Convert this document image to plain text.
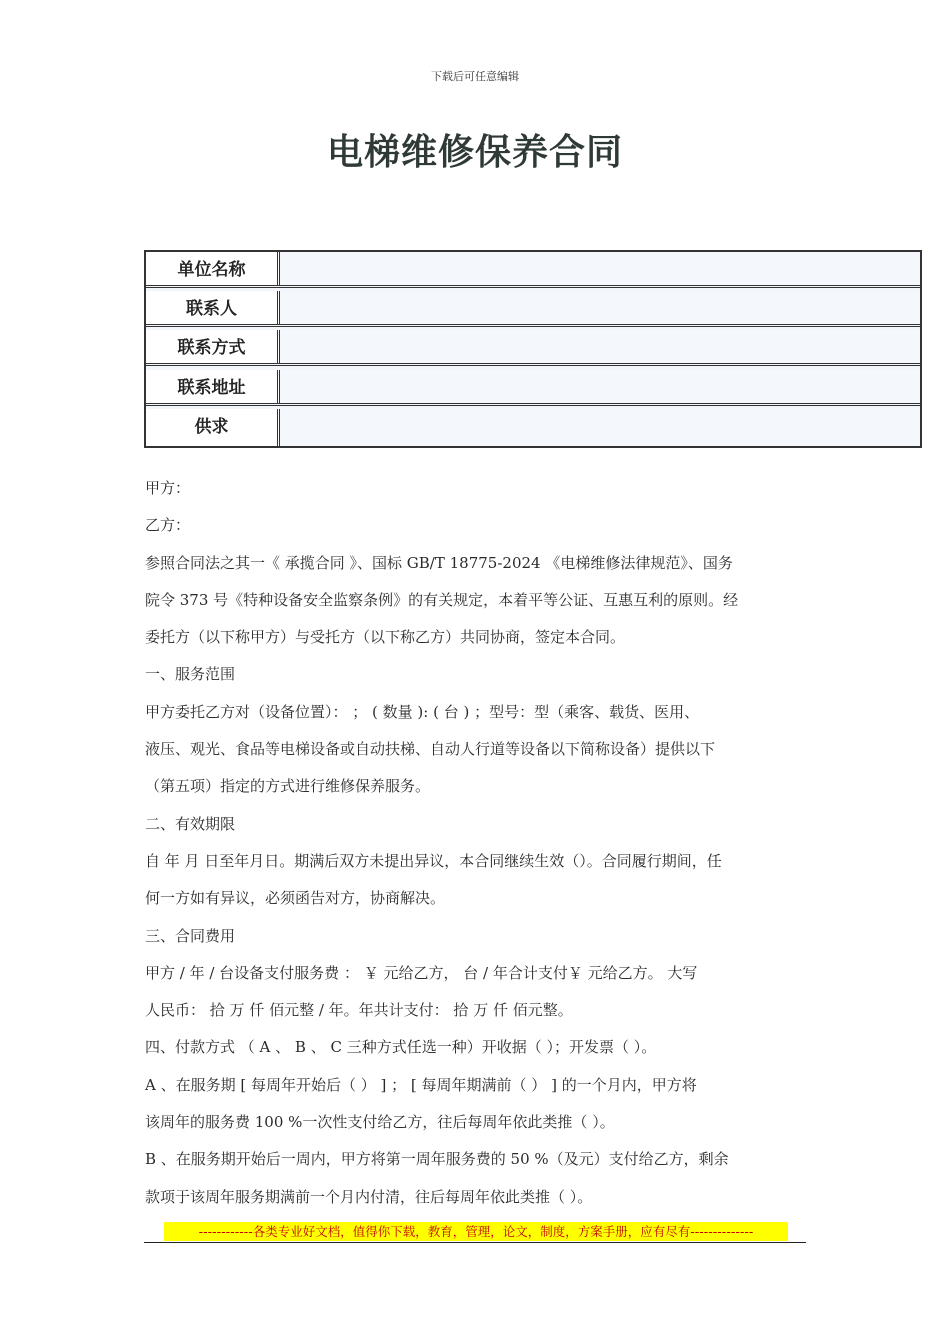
下载后可任意编辑
电梯维修保养合同
单位名称
联系人
联系方式
联系地址
供求

甲方：

乙方：

参照合同法之其一《 承揽合同 》、国标 GB/T 18775-2024 《电梯维修法律规范》、国务

院令 373 号《特种设备安全监察条例》的有关规定，本着平等公证、互惠互利的原则。经

委托方（以下称甲方）与受托方（以下称乙方）共同协商，签定本合同。

一、服务范围

甲方委托乙方对（设备位置）： ； ( 数量 ): ( 台 ) ；型号：型（乘客、载货、医用、

液压、观光、食品等电梯设备或自动扶梯、自动人行道等设备以下简称设备）提供以下

（第五项）指定的方式进行维修保养服务。

二、有效期限

自 年 月 日至年月日。期满后双方未提出异议，本合同继续生效（）。合同履行期间，任

何一方如有异议，必须函告对方，协商解决。

三、合同费用

甲方 / 年 / 台设备支付服务费 ： ￥ 元给乙方， 台 / 年合计支付￥ 元给乙方。 大写

人民币： 拾 万 仟 佰元整 / 年。年共计支付： 拾 万 仟 佰元整。

四、付款方式 （ A 、 B 、 C 三种方式任选一种）开收据（ ）；开发票（ ）。

A 、在服务期 [ 每周年开始后（ ） ] ； [ 每周年期满前（ ） ] 的一个月内，甲方将

该周年的服务费 100 %一次性支付给乙方，往后每周年依此类推（ ）。

B 、在服务期开始后一周内，甲方将第一周年服务费的 50 %（及元）支付给乙方，剩余

款项于该周年服务期满前一个月内付清，往后每周年依此类推（ ）。

------------各类专业好文档，值得你下载，教育，管理，论文，制度，方案手册，应有尽有--------------
